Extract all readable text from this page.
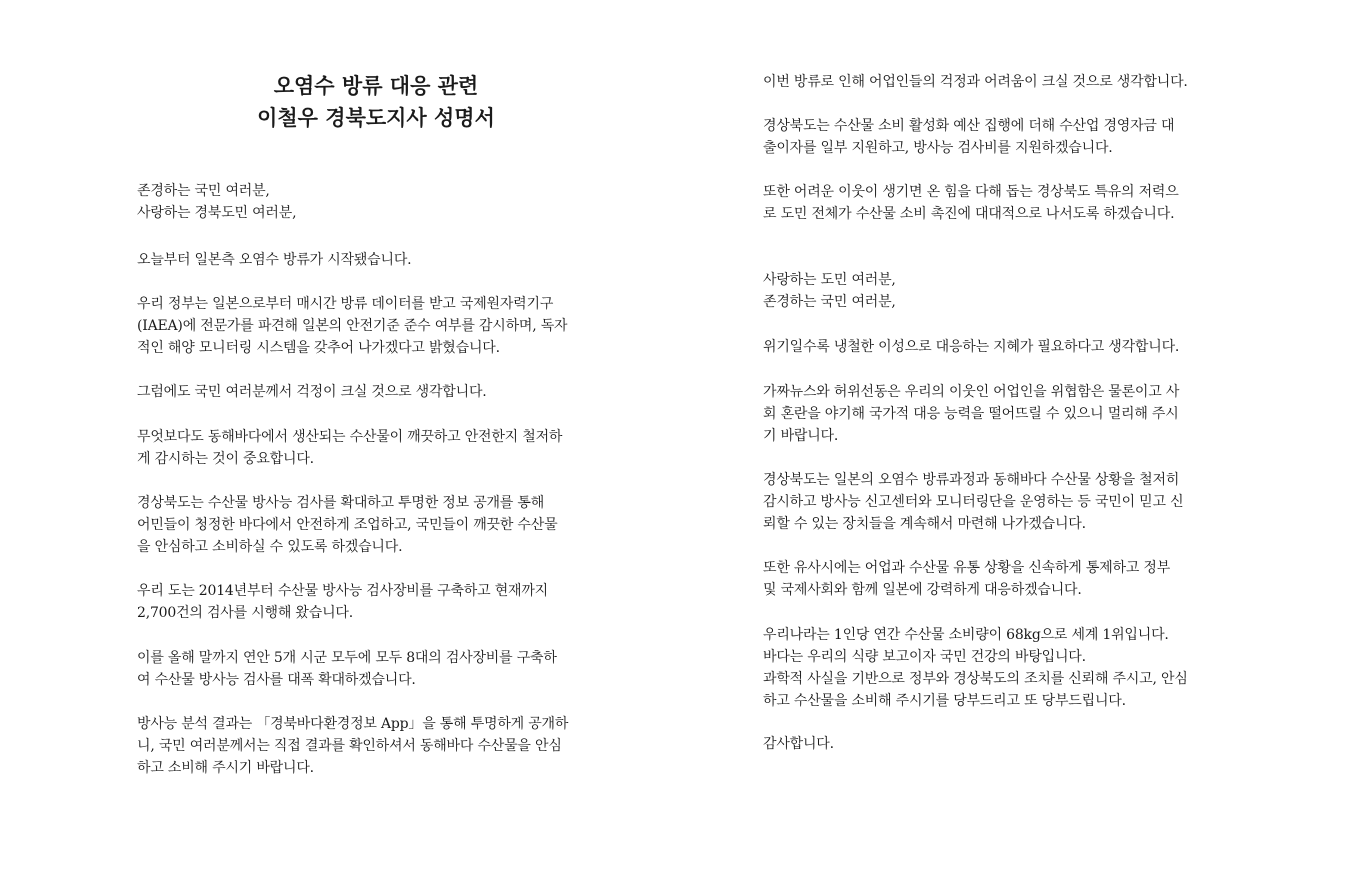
오염수 방류 대응 관련
이철우 경북도지사 성명서

존경하는 국민 여러분,
사랑하는 경북도민 여러분,

오늘부터 일본측 오염수 방류가 시작됐습니다.

우리 정부는 일본으로부터 매시간 방류 데이터를 받고 국제원자력기구
(IAEA)에 전문가를 파견해 일본의 안전기준 준수 여부를 감시하며, 독자
적인 해양 모니터링 시스템을 갖추어 나가겠다고 밝혔습니다.

그럼에도 국민 여러분께서 걱정이 크실 것으로 생각합니다.

무엇보다도 동해바다에서 생산되는 수산물이 깨끗하고 안전한지 철저하
게 감시하는 것이 중요합니다.

경상북도는 수산물 방사능 검사를 확대하고 투명한 정보 공개를 통해
어민들이 청정한 바다에서 안전하게 조업하고, 국민들이 깨끗한 수산물
을 안심하고 소비하실 수 있도록 하겠습니다.

우리 도는 2014년부터 수산물 방사능 검사장비를 구축하고 현재까지
2,700건의 검사를 시행해 왔습니다.

이를 올해 말까지 연안 5개 시군 모두에 모두 8대의 검사장비를 구축하
여 수산물 방사능 검사를 대폭 확대하겠습니다.

방사능 분석 결과는 「경북바다환경정보 App」을 통해 투명하게 공개하
니, 국민 여러분께서는 직접 결과를 확인하셔서 동해바다 수산물을 안심
하고 소비해 주시기 바랍니다.

이번 방류로 인해 어업인들의 걱정과 어려움이 크실 것으로 생각합니다.

경상북도는 수산물 소비 활성화 예산 집행에 더해 수산업 경영자금 대
출이자를 일부 지원하고, 방사능 검사비를 지원하겠습니다.

또한 어려운 이웃이 생기면 온 힘을 다해 돕는 경상북도 특유의 저력으
로 도민 전체가 수산물 소비 촉진에 대대적으로 나서도록 하겠습니다.

사랑하는 도민 여러분,
존경하는 국민 여러분,

위기일수록 냉철한 이성으로 대응하는 지혜가 필요하다고 생각합니다.

가짜뉴스와 허위선동은 우리의 이웃인 어업인을 위협함은 물론이고 사
회 혼란을 야기해 국가적 대응 능력을 떨어뜨릴 수 있으니 멀리해 주시
기 바랍니다.

경상북도는 일본의 오염수 방류과정과 동해바다 수산물 상황을 철저히
감시하고 방사능 신고센터와 모니터링단을 운영하는 등 국민이 믿고 신
뢰할 수 있는 장치들을 계속해서 마련해 나가겠습니다.

또한 유사시에는 어업과 수산물 유통 상황을 신속하게 통제하고 정부
및 국제사회와 함께 일본에 강력하게 대응하겠습니다.

우리나라는 1인당 연간 수산물 소비량이 68kg으로 세계 1위입니다.
바다는 우리의 식량 보고이자 국민 건강의 바탕입니다.
과학적 사실을 기반으로 정부와 경상북도의 조치를 신뢰해 주시고, 안심
하고 수산물을 소비해 주시기를 당부드리고 또 당부드립니다.

감사합니다.
